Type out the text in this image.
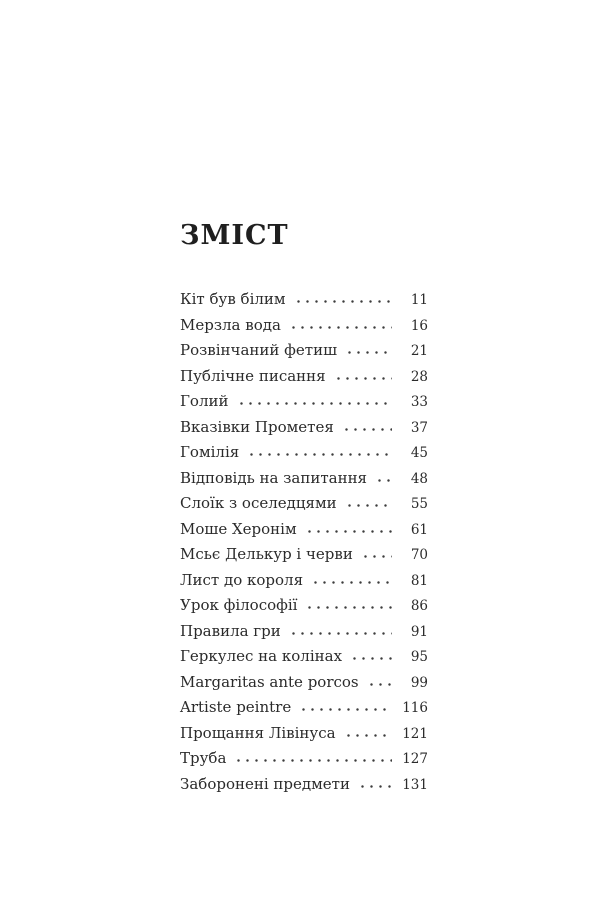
ЗМІСТ
Кіт був білим	11
Мерзла вода	16
Розвінчаний фетиш	21
Публічне писання	28
Голий	33
Вказівки Прометея	37
Гомілія	45
Відповідь на запитання	48
Слоїк з оселедцями	55
Моше Херонім	61
Мсьє Делькур і черви	70
Лист до короля	81
Урок філософії	86
Правила гри	91
Геркулес на колінах	95
Margaritas ante porcos	99
Artiste peintre	116
Прощання Лівінуса	121
Труба	127
Заборонені предмети	131
